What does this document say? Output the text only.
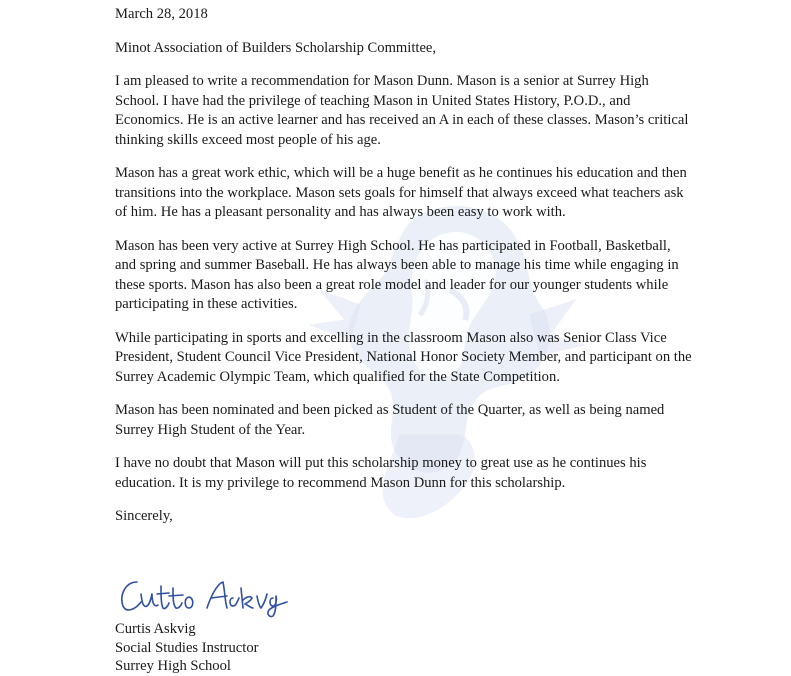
March 28, 2018

Minot Association of Builders Scholarship Committee,

I am pleased to write a recommendation for Mason Dunn. Mason is a senior at Surrey High School. I have had the privilege of teaching Mason in United States History, P.O.D., and Economics. He is an active learner and has received an A in each of these classes. Mason’s critical thinking skills exceed most people of his age.

Mason has a great work ethic, which will be a huge benefit as he continues his education and then transitions into the workplace. Mason sets goals for himself that always exceed what teachers ask of him. He has a pleasant personality and has always been easy to work with.

Mason has been very active at Surrey High School. He has participated in Football, Basketball, and spring and summer Baseball. He has always been able to manage his time while engaging in these sports. Mason has also been a great role model and leader for our younger students while participating in these activities.

While participating in sports and excelling in the classroom Mason also was Senior Class Vice President, Student Council Vice President, National Honor Society Member, and participant on the Surrey Academic Olympic Team, which qualified for the State Competition.

Mason has been nominated and been picked as Student of the Quarter, as well as being named Surrey High Student of the Year.

I have no doubt that Mason will put this scholarship money to great use as he continues his education. It is my privilege to recommend Mason Dunn for this scholarship.

Sincerely,

Curtis Askvig
Social Studies Instructor
Surrey High School
